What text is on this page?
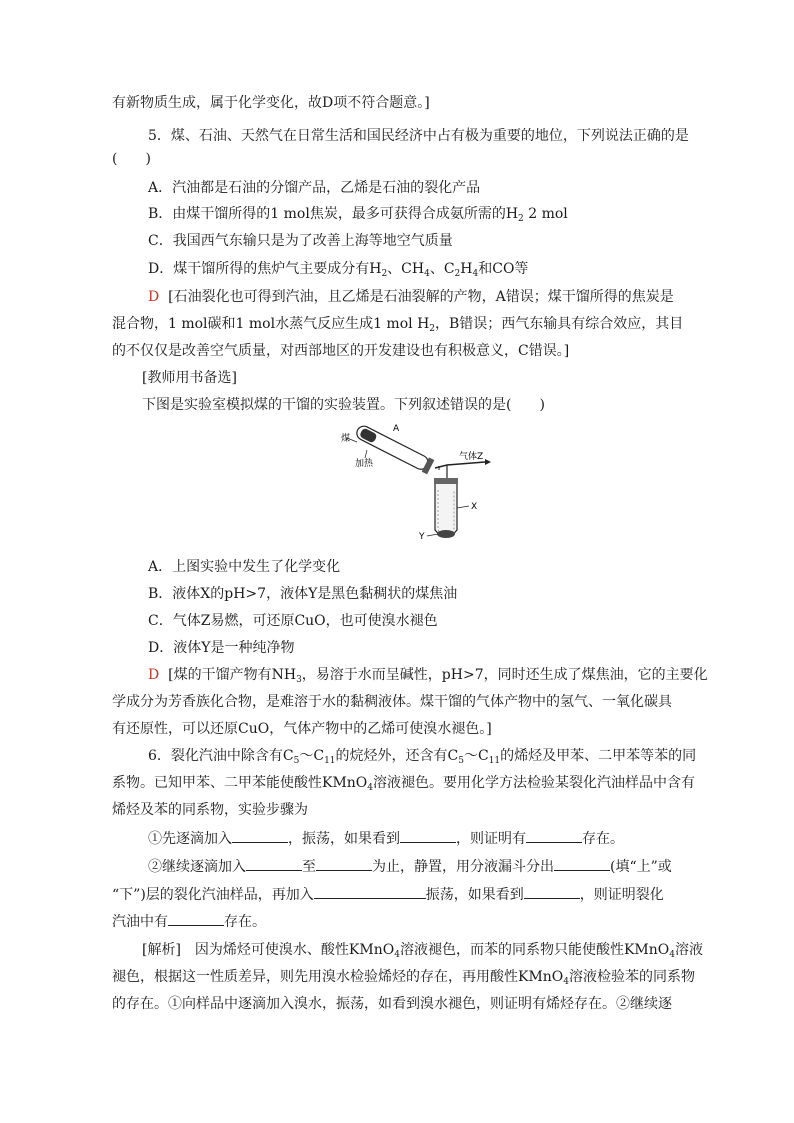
有新物质生成，属于化学变化，故D项不符合题意。]
5．煤、石油、天然气在日常生活和国民经济中占有极为重要的地位，下列说法正确的是
(　　)
A．汽油都是石油的分馏产品，乙烯是石油的裂化产品
B．由煤干馏所得的1 mol焦炭，最多可获得合成氨所需的$H_2$ 2 mol
C．我国西气东输只是为了改善上海等地空气质量
D．煤干馏所得的焦炉气主要成分有$H_2$、$CH_4$、$C_2H_4$和CO等
D [石油裂化也可得到汽油，且乙烯是石油裂解的产物，A错误；煤干馏所得的焦炭是
混合物，1 mol碳和1 mol水蒸气反应生成1 mol $H_2$，B错误；西气东输具有综合效应，其目
的不仅仅是改善空气质量，对西部地区的开发建设也有积极意义，C错误。]
[教师用书备选]
下图是实验室模拟煤的干馏的实验装置。下列叙述错误的是(　　)
煤
加热
A
气体Z
X
Y
A．上图实验中发生了化学变化
B．液体X的pH>7，液体Y是黑色黏稠状的煤焦油
C．气体Z易燃，可还原CuO，也可使溴水褪色
D．液体Y是一种纯净物
D [煤的干馏产物有$NH_3$，易溶于水而呈碱性，pH>7，同时还生成了煤焦油，它的主要化
学成分为芳香族化合物，是难溶于水的黏稠液体。煤干馏的气体产物中的氢气、一氧化碳具
有还原性，可以还原CuO，气体产物中的乙烯可使溴水褪色。]
6．裂化汽油中除含有$C_5\sim C_{11}$的烷烃外，还含有$C_5\sim C_{11}$的烯烃及甲苯、二甲苯等苯的同
系物。已知甲苯、二甲苯能使酸性KMnO$_4$溶液褪色。要用化学方法检验某裂化汽油样品中含有
烯烃及苯的同系物，实验步骤为
①先逐滴加入	，振荡，如果看到	，则证明有	存在。
②继续逐滴加入	至	为止，静置，用分液漏斗分出	(填“上”或
“下”)层的裂化汽油样品，再加入	振荡，如果看到	，则证明裂化
汽油中有	存在。
[解析]　因为烯烃可使溴水、酸性KMnO$_4$溶液褪色，而苯的同系物只能使酸性KMnO$_4$溶液
褪色，根据这一性质差异，则先用溴水检验烯烃的存在，再用酸性KMnO$_4$溶液检验苯的同系物
的存在。①向样品中逐滴加入溴水，振荡，如看到溴水褪色，则证明有烯烃存在。②继续逐
